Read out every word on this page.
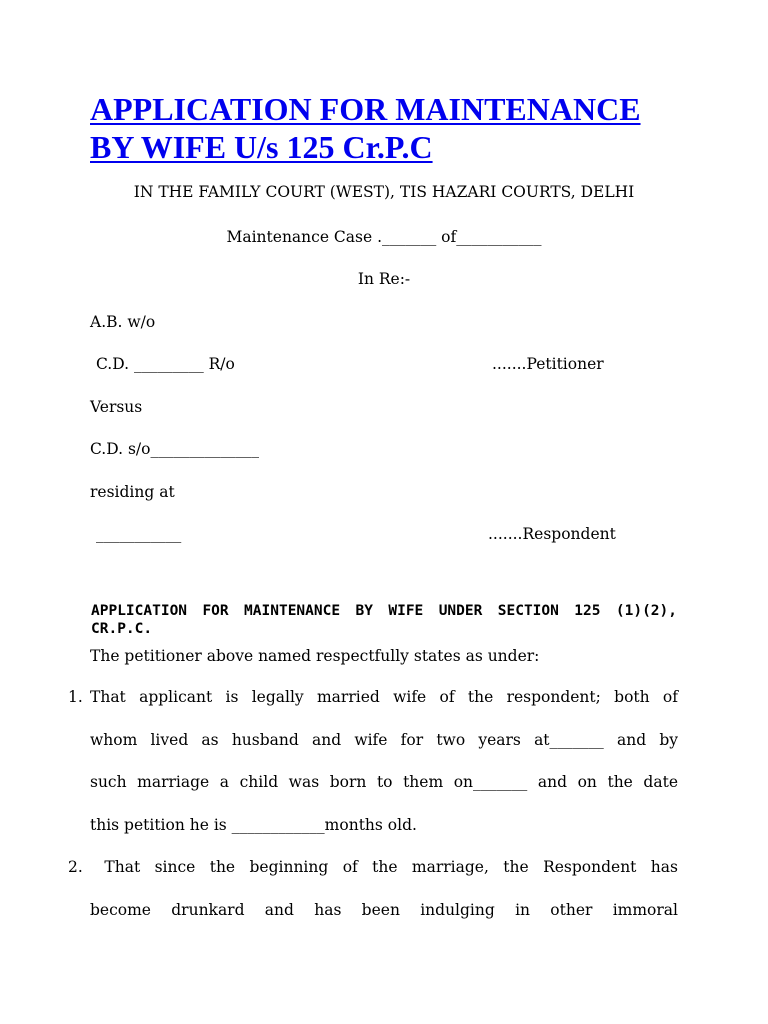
APPLICATION FOR MAINTENANCE BY WIFE U/s 125 Cr.P.C
IN THE FAMILY COURT (WEST), TIS HAZARI COURTS, DELHI
Maintenance Case ._______ of___________
In Re:-
A.B. w/o
C.D. _________ R/o	.......Petitioner
Versus
C.D. s/o______________
residing at
___________	.......Respondent
APPLICATION FOR MAINTENANCE BY WIFE UNDER SECTION 125 (1)(2), CR.P.C.
The petitioner above named respectfully states as under:
1. That applicant is legally married wife of the respondent; both of
whom lived as husband and wife for two years at_______ and by
such marriage a child was born to them on_______ and on the date
this petition he is ____________months old.
2. That since the beginning of the marriage, the Respondent has
become drunkard and has been indulging in other immoral
